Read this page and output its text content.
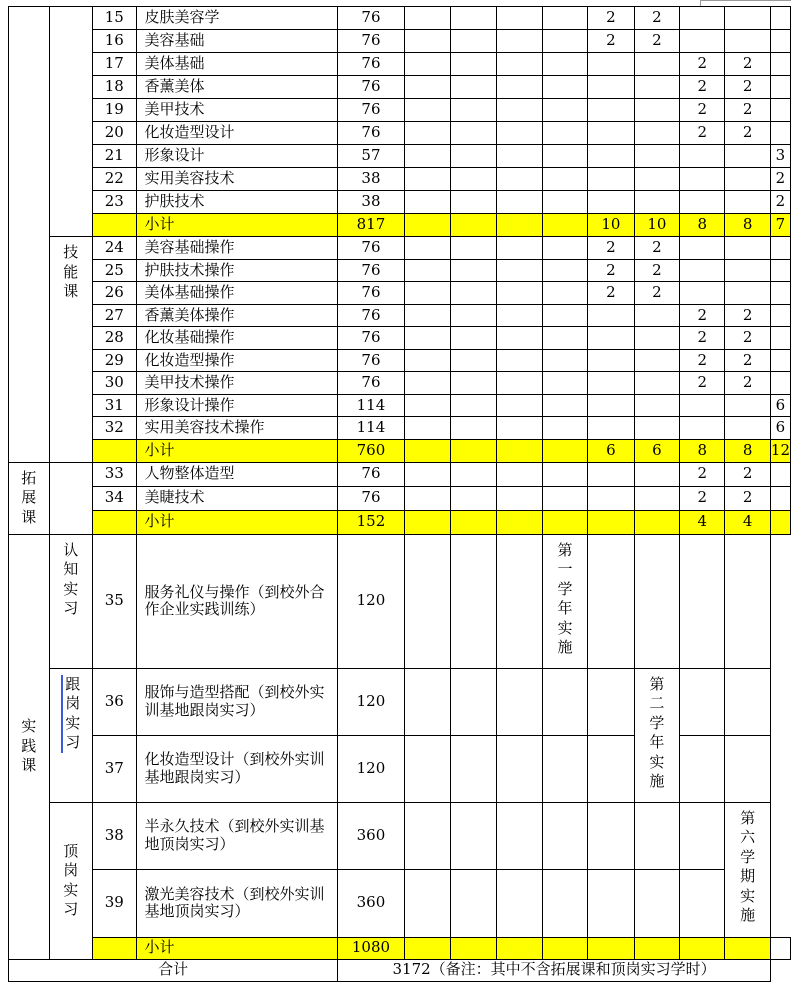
		15	皮肤美容学	76					2	2			
		16	美容基础	76					2	2			
		17	美体基础	76							2	2	
		18	香薰美体	76							2	2	
		19	美甲技术	76							2	2	
		20	化妆造型设计	76							2	2	
		21	形象设计	57									3
		22	实用美容技术	38									2
		23	护肤技术	38									2
			小计	817					10	10	8	8	7
	技能课	24	美容基础操作	76					2	2			
		25	护肤技术操作	76					2	2			
		26	美体基础操作	76					2	2			
		27	香薰美体操作	76							2	2	
		28	化妆基础操作	76							2	2	
		29	化妆造型操作	76							2	2	
		30	美甲技术操作	76							2	2	
		31	形象设计操作	114									6
		32	实用美容技术操作	114									6
			小计	760					6	6	8	8	12
拓展课		33	人物整体造型	76							2	2	
		34	美睫技术	76							2	2	
			小计	152							4	4	
实践课	认知实习	35	服务礼仪与操作（到校外合作企业实践训练）	120				第一学年实施					
	跟岗实习	36	服饰与造型搭配（到校外实训基地跟岗实习）	120						第二学年实施			
		37	化妆造型设计（到校外实训基地跟岗实习）	120									
	顶岗实习	38	半永久技术（到校外实训基地顶岗实习）	360								第六学期实施	
		39	激光美容技术（到校外实训基地顶岗实习）	360									
			小计	1080									
合计				3172（备注：其中不含拓展课和顶岗实习学时）									
